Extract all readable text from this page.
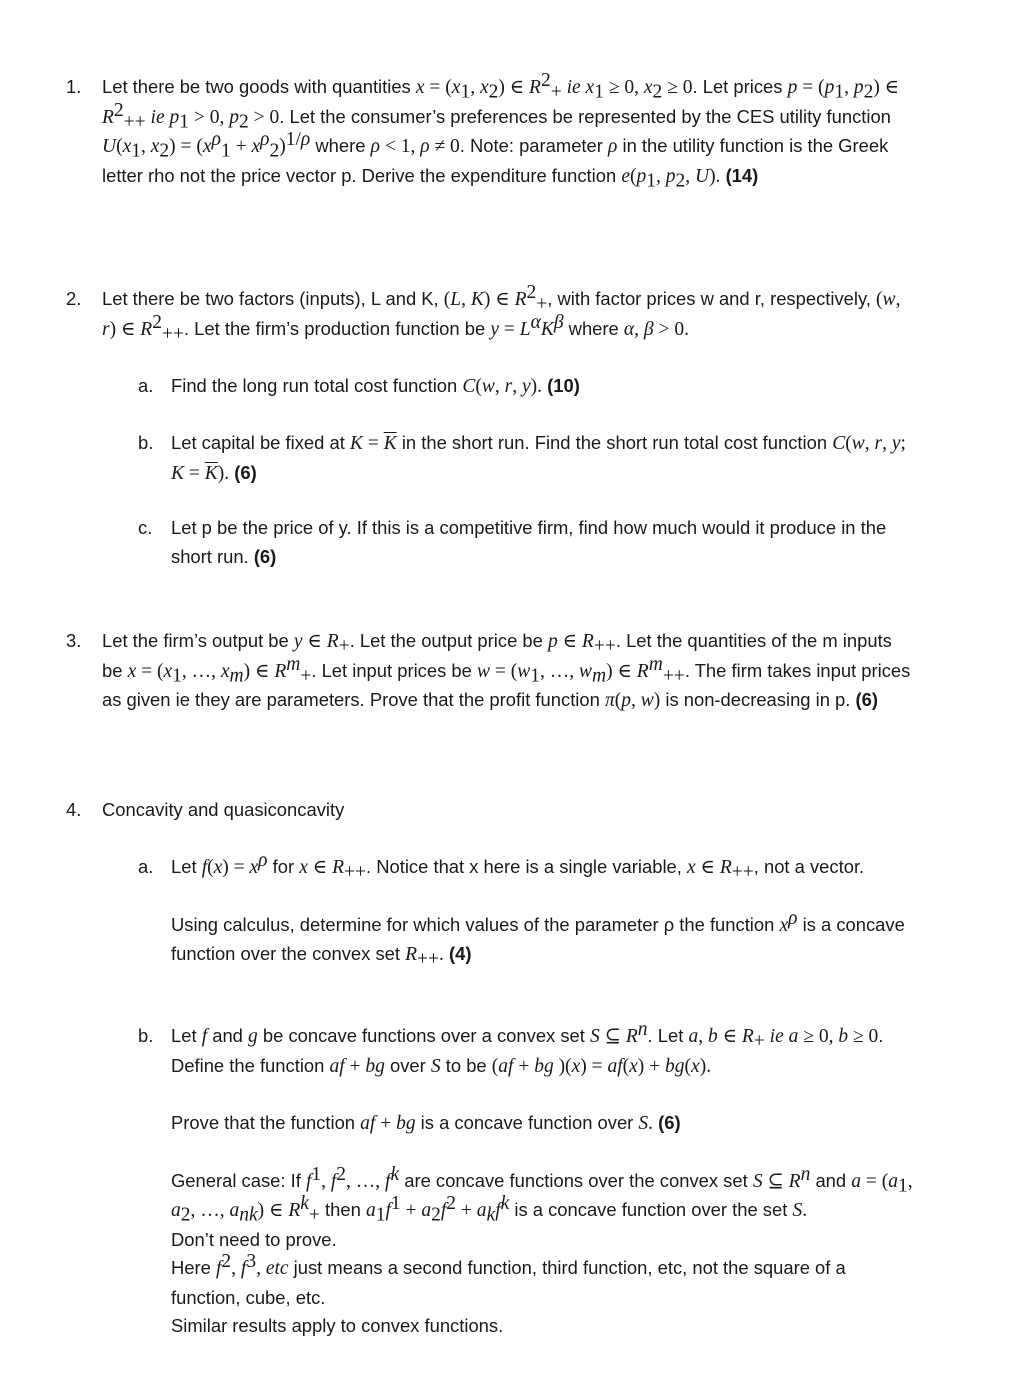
1. Let there be two goods with quantities $x = (x_1$, $x_2$) ∈ $R^2_+$ ie $x_1 \ge 0$, $x_2 \ge 0$. Let prices $p = (p_1$, $p_2$) ∈ $R^2_{++}$ ie $p_1 > 0$, $p_2 > 0$. Let the consumer’s preferences be represented by the CES utility function $U(x_1$, $x_2) = (x^\rho_1 + x^\rho_2)^{1/\rho}$ where ρ < 1, ρ ≠ 0. Note: parameter ρ in the utility function is the Greek letter rho not the price vector p. Derive the expenditure function $e(p_1$, $p_2$, U). (14)
2. Let there be two factors (inputs), L and K, (L, K) ∈ $R^2_+$, with factor prices w and r, respectively, (w, r) ∈ $R^2_{++}$. Let the firm’s production function be $y = L^\alpha K^\beta$ where α, β > 0.
a. Find the long run total cost function C(w, r, y). (10)
b. Let capital be fixed at $K = \overline{K}$ in the short run. Find the short run total cost function C(w, r, y; $K = \overline{K}$). (6)
c. Let p be the price of y. If this is a competitive firm, find how much would it produce in the short run. (6)
3. Let the firm’s output be y ∈ $R_+$. Let the output price be p ∈ $R_{++}$. Let the quantities of the m inputs be $x = (x_1$, …, $x_m$) ∈ $R^m_+$. Let input prices be $w = (w_1$, …, $w_m$) ∈ $R^m_{++}$. The firm takes input prices as given ie they are parameters. Prove that the profit function π(p, w) is non-decreasing in p. (6)
4. Concavity and quasiconcavity
a. Let $f(x) = x^\rho$ for x ∈ $R_{++}$. Notice that x here is a single variable, x ∈ $R_{++}$, not a vector.
Using calculus, determine for which values of the parameter ρ the function $x^\rho$ is a concave function over the convex set $R_{++}$. (4)
b. Let f and g be concave functions over a convex set S ⊆ $R^n$. Let a, b ∈ $R_+$ ie a ≥ 0, b ≥ 0. Define the function af + bg over S to be (af + bg )(x) = af(x) + bg(x).
Prove that the function af + bg is a concave function over S. (6)
General case: If $f^1$, $f^2$, …, $f^k$ are concave functions over the convex set S ⊆ $R^n$ and $a = (a_1$, $a_2$, …, $a_{nk}$) ∈ $R^k_+$ then $a_1f^1 + a_2f^2 + a_kf^k$ is a concave function over the set S.
Don’t need to prove.
Here $f^2$, $f^3$, etc just means a second function, third function, etc, not the square of a function, cube, etc.
Similar results apply to convex functions.
